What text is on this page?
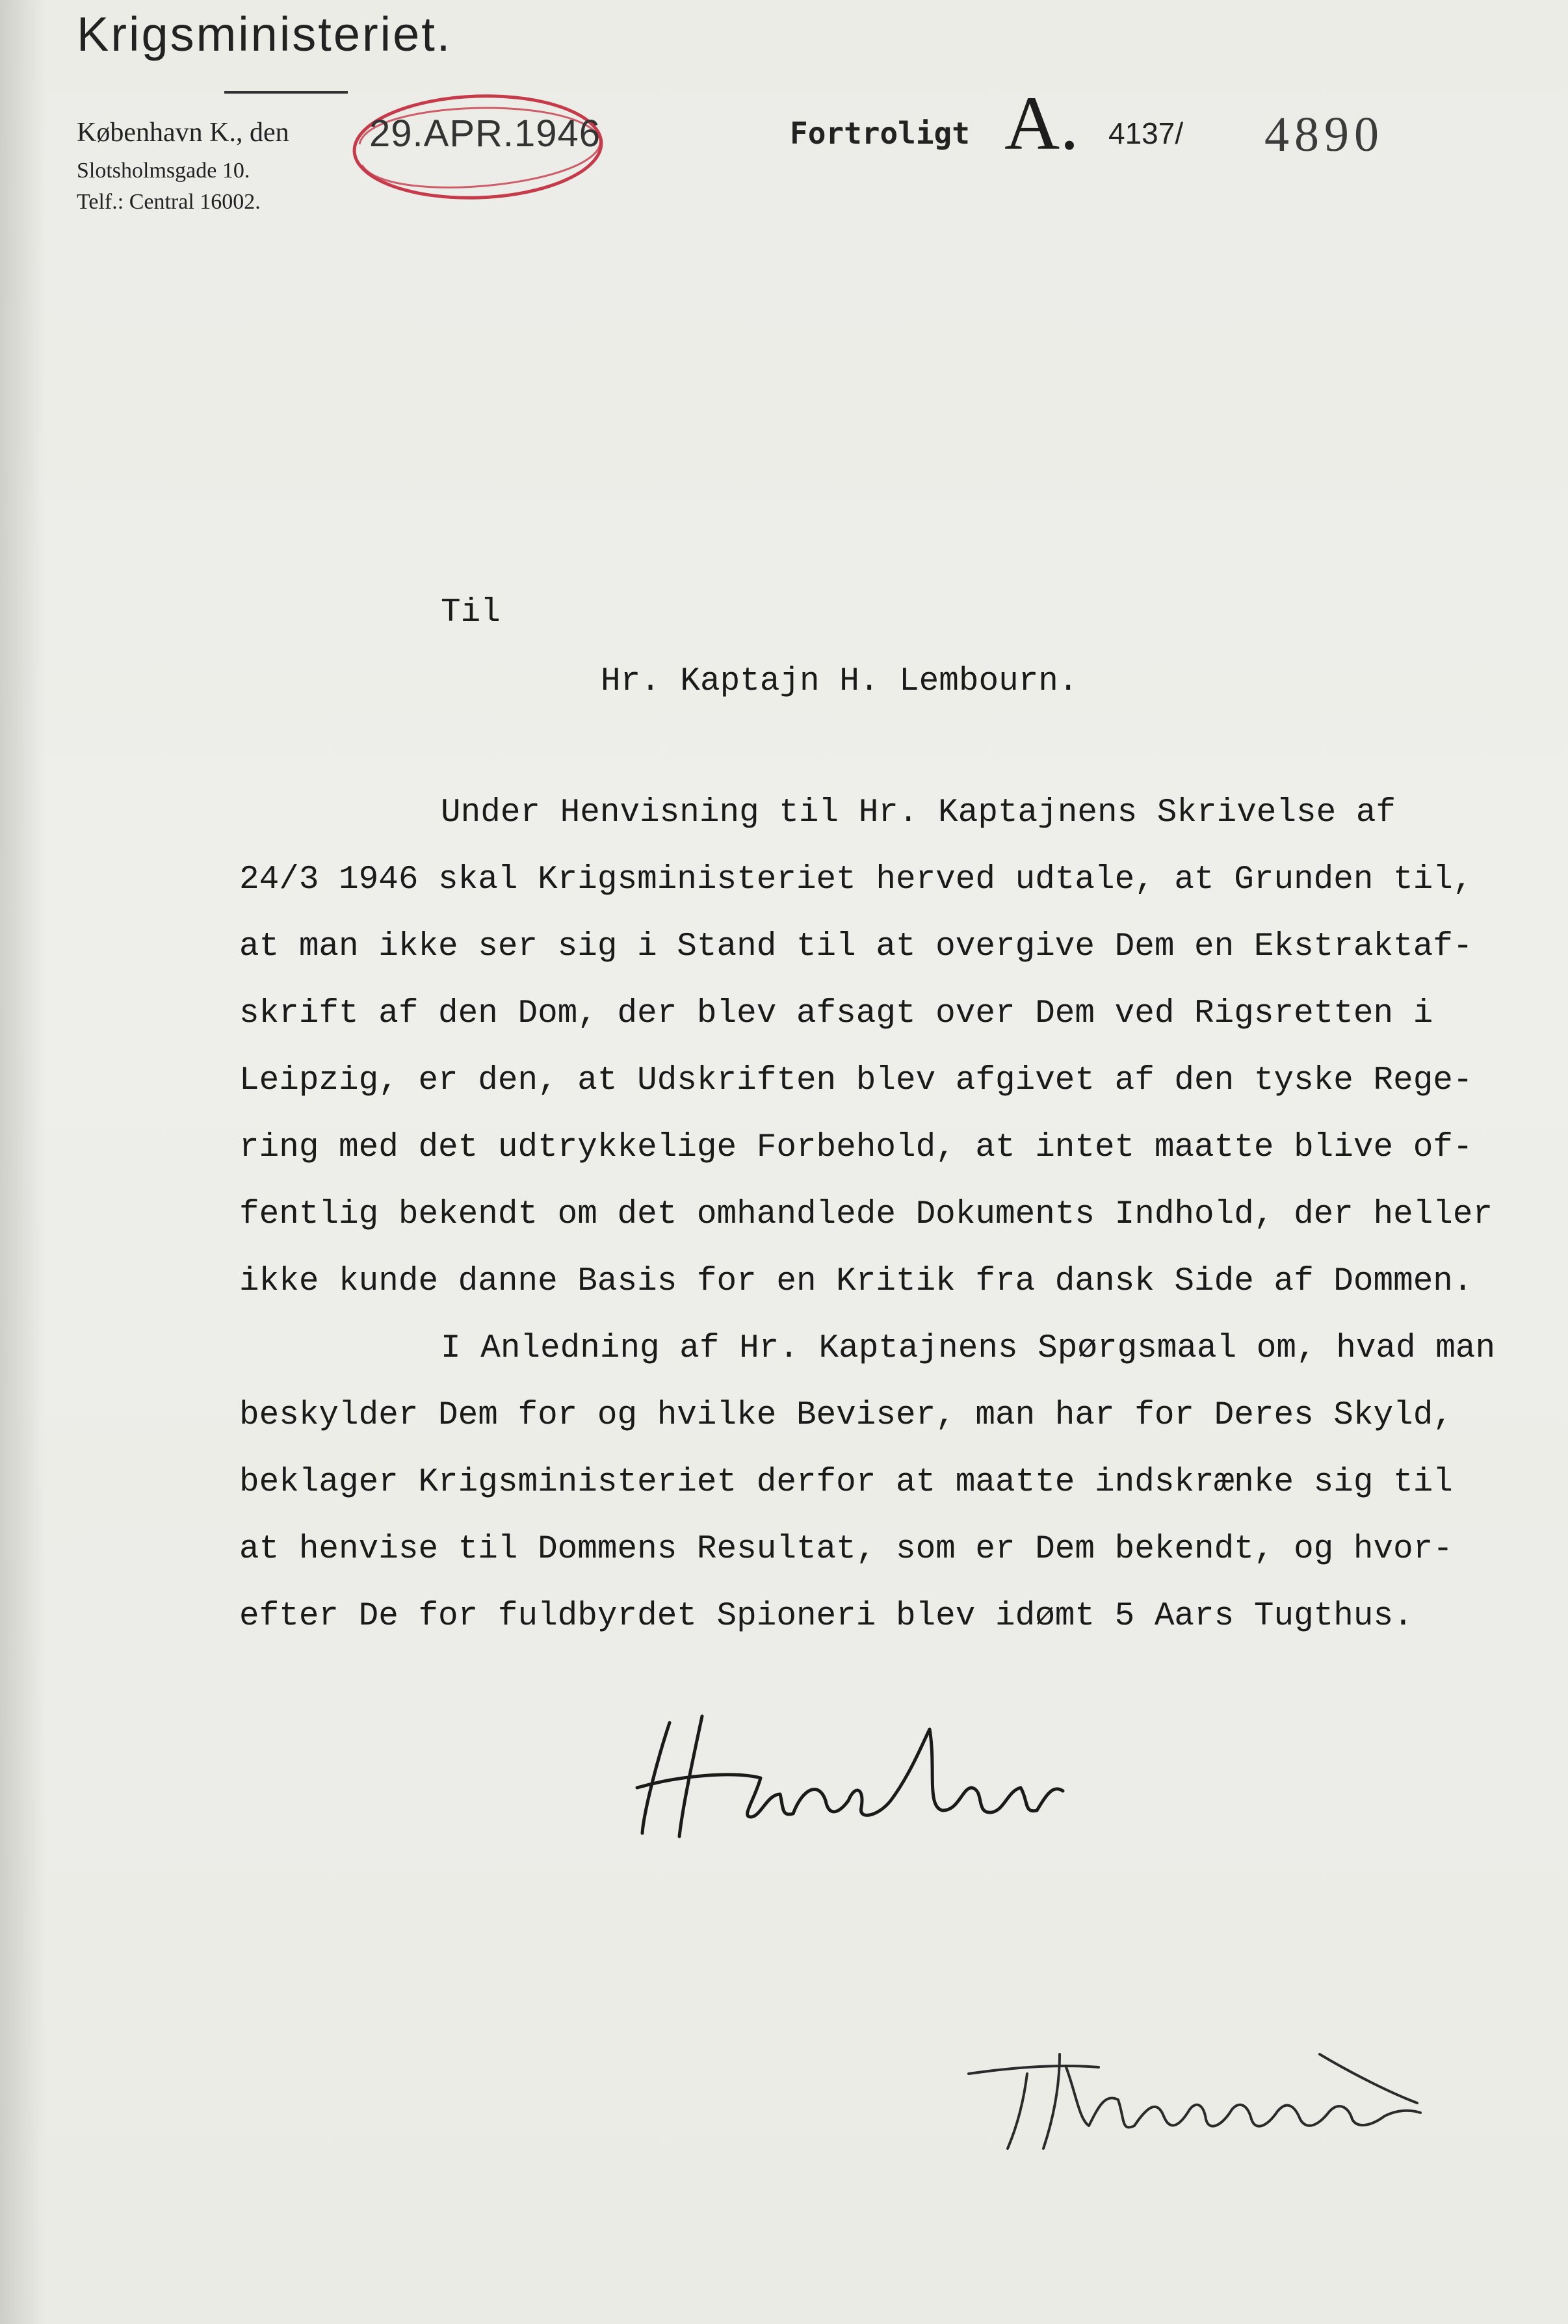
Krigsministeriet.
København K., den
Slotsholmsgade 10.
Telf.: Central 16002.
29.APR.1946	Fortroligt A. 4137/ 4890
Til
Hr. Kaptajn H. Lembourn.
Under Henvisning til Hr. Kaptajnens Skrivelse af
24/3 1946 skal Krigsministeriet herved udtale, at Grunden til,
at man ikke ser sig i Stand til at overgive Dem en Ekstraktaf-
skrift af den Dom, der blev afsagt over Dem ved Rigsretten i
Leipzig, er den, at Udskriften blev afgivet af den tyske Rege-
ring med det udtrykkelige Forbehold, at intet maatte blive of-
fentlig bekendt om det omhandlede Dokuments Indhold, der heller
ikke kunde danne Basis for en Kritik fra dansk Side af Dommen.
I Anledning af Hr. Kaptajnens Spørgsmaal om, hvad man
beskylder Dem for og hvilke Beviser, man har for Deres Skyld,
beklager Krigsministeriet derfor at maatte indskrænke sig til
at henvise til Dommens Resultat, som er Dem bekendt, og hvor-
efter De for fuldbyrdet Spioneri blev idømt 5 Aars Tugthus.
